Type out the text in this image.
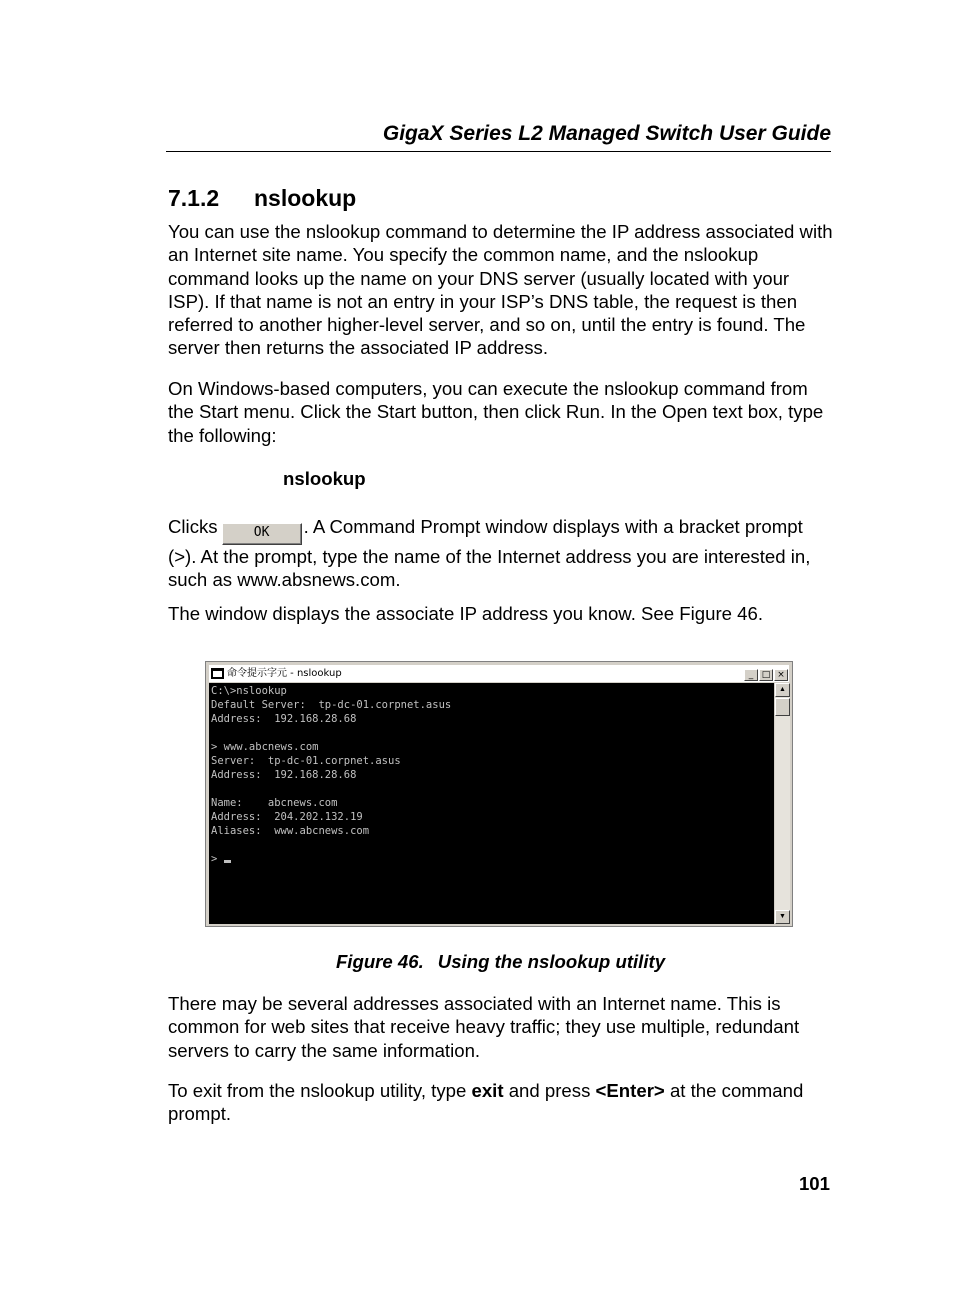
GigaX Series L2 Managed Switch User Guide
7.1.2 nslookup

You can use the nslookup command to determine the IP address associated with an Internet site name. You specify the common name, and the nslookup command looks up the name on your DNS server (usually located with your ISP). If that name is not an entry in your ISP’s DNS table, the request is then referred to another higher-level server, and so on, until the entry is found. The server then returns the associated IP address.

On Windows-based computers, you can execute the nslookup command from the Start menu. Click the Start button, then click Run. In the Open text box, type the following:

nslookup

Clicks	OK . A Command Prompt window displays with a bracket prompt (>). At the prompt, type the name of the Internet address you are interested in, such as www.absnews.com.

The window displays the associate IP address you know. See Figure 46.

命令提示字元 - nslookup	_ □ ×
C:\>nslookup
Default Server:  tp-dc-01.corpnet.asus
Address:  192.168.28.68

> www.abcnews.com
Server:  tp-dc-01.corpnet.asus
Address:  192.168.28.68

Name:    abcnews.com
Address:  204.202.132.19
Aliases:  www.abcnews.com

>
▲
▼
Figure 46. Using the nslookup utility

There may be several addresses associated with an Internet name. This is common for web sites that receive heavy traffic; they use multiple, redundant servers to carry the same information.

To exit from the nslookup utility, type exit and press <Enter> at the command prompt.

101
